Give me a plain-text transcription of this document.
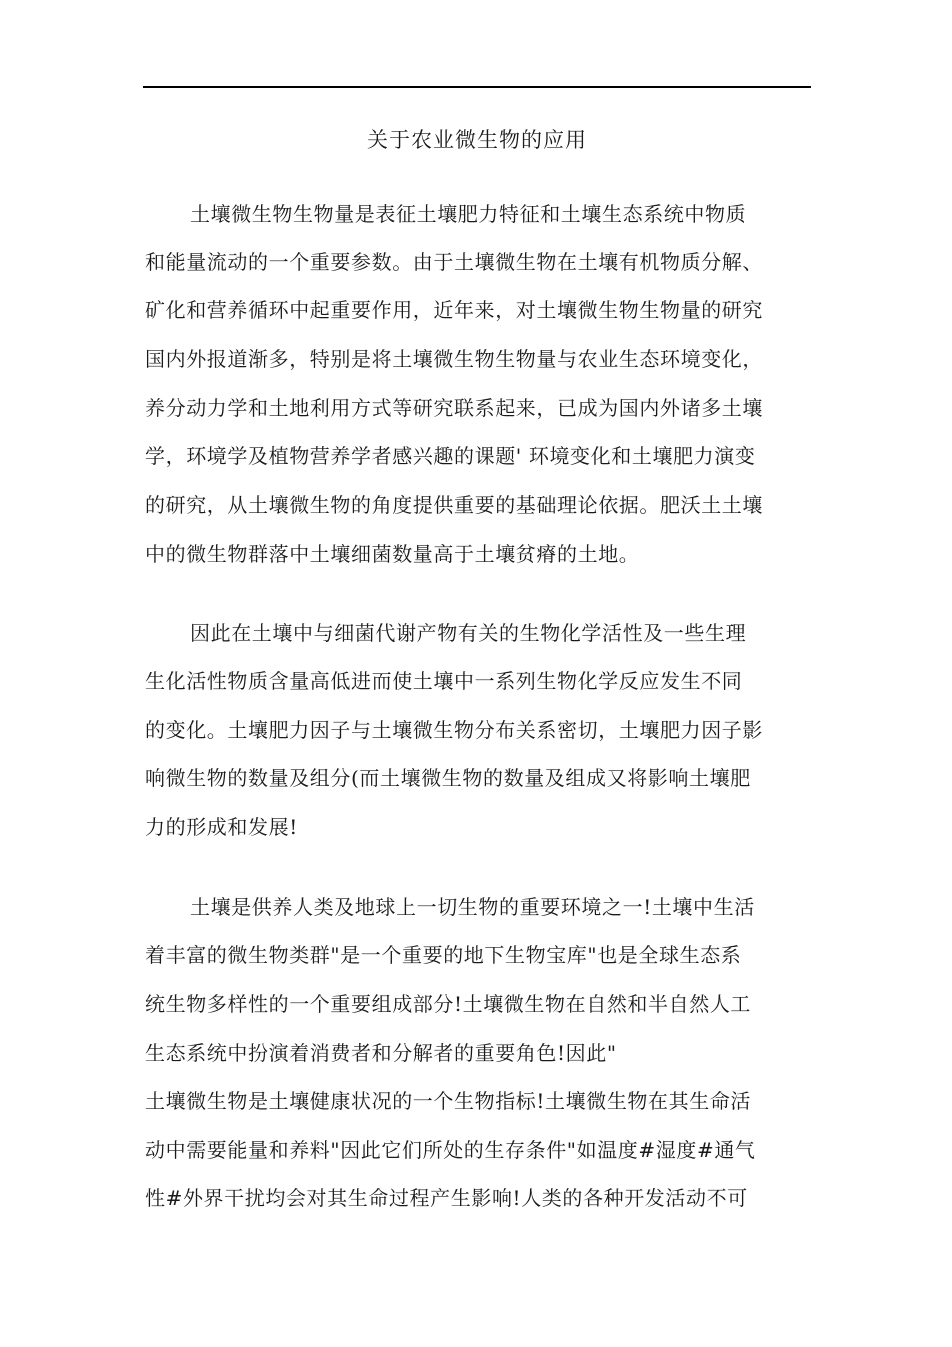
关于农业微生物的应用
土壤微生物生物量是表征土壤肥力特征和土壤生态系统中物质
和能量流动的一个重要参数。由于土壤微生物在土壤有机物质分解、
矿化和营养循环中起重要作用，近年来，对土壤微生物生物量的研究
国内外报道渐多，特别是将土壤微生物生物量与农业生态环境变化，
养分动力学和土地利用方式等研究联系起来，已成为国内外诸多土壤
学，环境学及植物营养学者感兴趣的课题' 环境变化和土壤肥力演变
的研究，从土壤微生物的角度提供重要的基础理论依据。肥沃土土壤
中的微生物群落中土壤细菌数量高于土壤贫瘠的土地。
因此在土壤中与细菌代谢产物有关的生物化学活性及一些生理
生化活性物质含量高低进而使土壤中一系列生物化学反应发生不同
的变化。土壤肥力因子与土壤微生物分布关系密切，土壤肥力因子影
响微生物的数量及组分(而土壤微生物的数量及组成又将影响土壤肥
力的形成和发展!
土壤是供养人类及地球上一切生物的重要环境之一!土壤中生活
着丰富的微生物类群"是一个重要的地下生物宝库"也是全球生态系
统生物多样性的一个重要组成部分!土壤微生物在自然和半自然人工
生态系统中扮演着消费者和分解者的重要角色!因此"
土壤微生物是土壤健康状况的一个生物指标!土壤微生物在其生命活
动中需要能量和养料"因此它们所处的生存条件"如温度#湿度#通气
性#外界干扰均会对其生命过程产生影响!人类的各种开发活动不可
